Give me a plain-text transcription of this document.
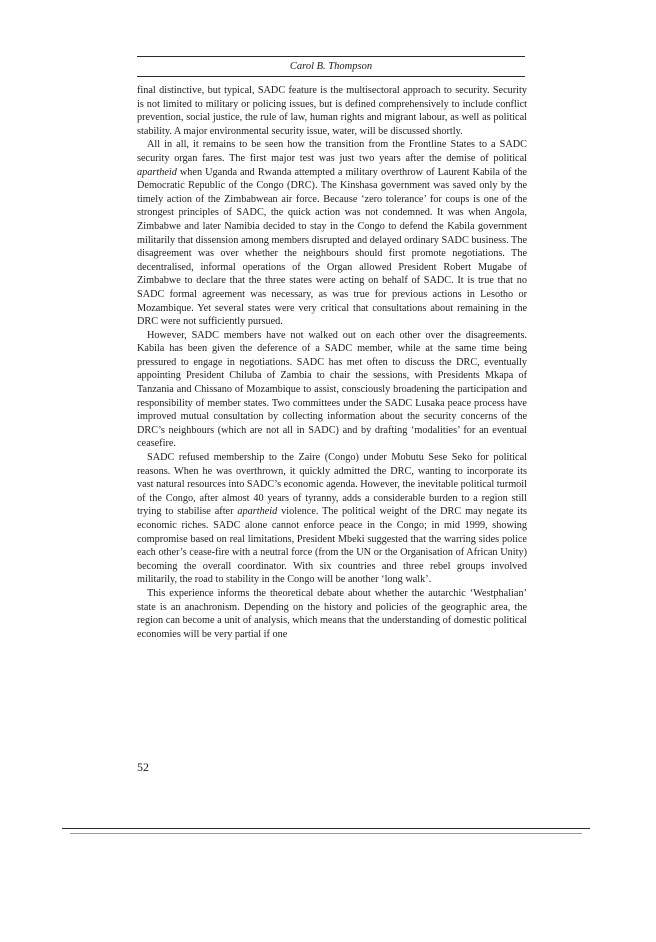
Carol B. Thompson

final distinctive, but typical, SADC feature is the multisectoral approach to security. Security is not limited to military or policing issues, but is defined comprehensively to include conflict prevention, social justice, the rule of law, human rights and migrant labour, as well as political stability. A major environmental security issue, water, will be discussed shortly.

All in all, it remains to be seen how the transition from the Frontline States to a SADC security organ fares. The first major test was just two years after the demise of political apartheid when Uganda and Rwanda attempted a military overthrow of Laurent Kabila of the Democratic Republic of the Congo (DRC). The Kinshasa government was saved only by the timely action of the Zimbabwean air force. Because ‘zero tolerance’ for coups is one of the strongest principles of SADC, the quick action was not condemned. It was when Angola, Zimbabwe and later Namibia decided to stay in the Congo to defend the Kabila government militarily that dissension among members disrupted and delayed ordinary SADC business. The disagreement was over whether the neighbours should first promote negotiations. The decentralised, informal operations of the Organ allowed President Robert Mugabe of Zimbabwe to declare that the three states were acting on behalf of SADC. It is true that no SADC formal agreement was necessary, as was true for previous actions in Lesotho or Mozambique. Yet several states were very critical that consultations about remaining in the DRC were not sufficiently pursued.

However, SADC members have not walked out on each other over the disagreements. Kabila has been given the deference of a SADC member, while at the same time being pressured to engage in negotiations. SADC has met often to discuss the DRC, eventually appointing President Chiluba of Zambia to chair the sessions, with Presidents Mkapa of Tanzania and Chissano of Mozambique to assist, consciously broadening the participation and responsibility of member states. Two committees under the SADC Lusaka peace process have improved mutual consultation by collecting information about the security concerns of the DRC’s neighbours (which are not all in SADC) and by drafting ‘modalities’ for an eventual ceasefire.

SADC refused membership to the Zaire (Congo) under Mobutu Sese Seko for political reasons. When he was overthrown, it quickly admitted the DRC, wanting to incorporate its vast natural resources into SADC’s economic agenda. However, the inevitable political turmoil of the Congo, after almost 40 years of tyranny, adds a considerable burden to a region still trying to stabilise after apartheid violence. The political weight of the DRC may negate its economic riches. SADC alone cannot enforce peace in the Congo; in mid 1999, showing compromise based on real limitations, President Mbeki suggested that the warring sides police each other’s cease-fire with a neutral force (from the UN or the Organisation of African Unity) becoming the overall coordinator. With six countries and three rebel groups involved militarily, the road to stability in the Congo will be another ‘long walk’.

This experience informs the theoretical debate about whether the autarchic ‘Westphalian’ state is an anachronism. Depending on the history and policies of the geographic area, the region can become a unit of analysis, which means that the understanding of domestic political economies will be very partial if one

52
